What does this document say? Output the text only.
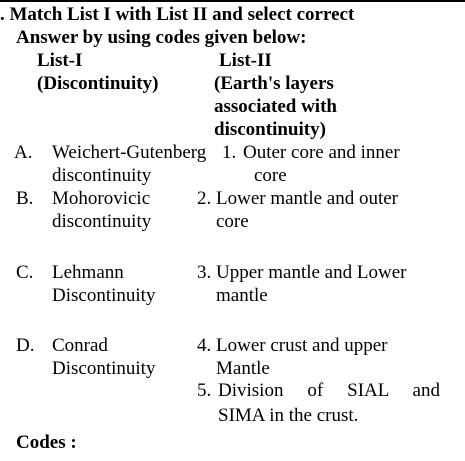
. Match List I with List II and select correct
Answer by using codes given below:
List-I
(Discontinuity)
List-II
(Earth's layers
associated with
discontinuity)
A. Weichert-Gutenberg
discontinuity
1. Outer core and inner
core
B. Mohorovicic
discontinuity
2. Lower mantle and outer
core
C. Lehmann
Discontinuity
3. Upper mantle and Lower
mantle
D. Conrad
Discontinuity
4. Lower crust and upper
Mantle
5. Division of SIAL and
SIMA in the crust.
Codes :
